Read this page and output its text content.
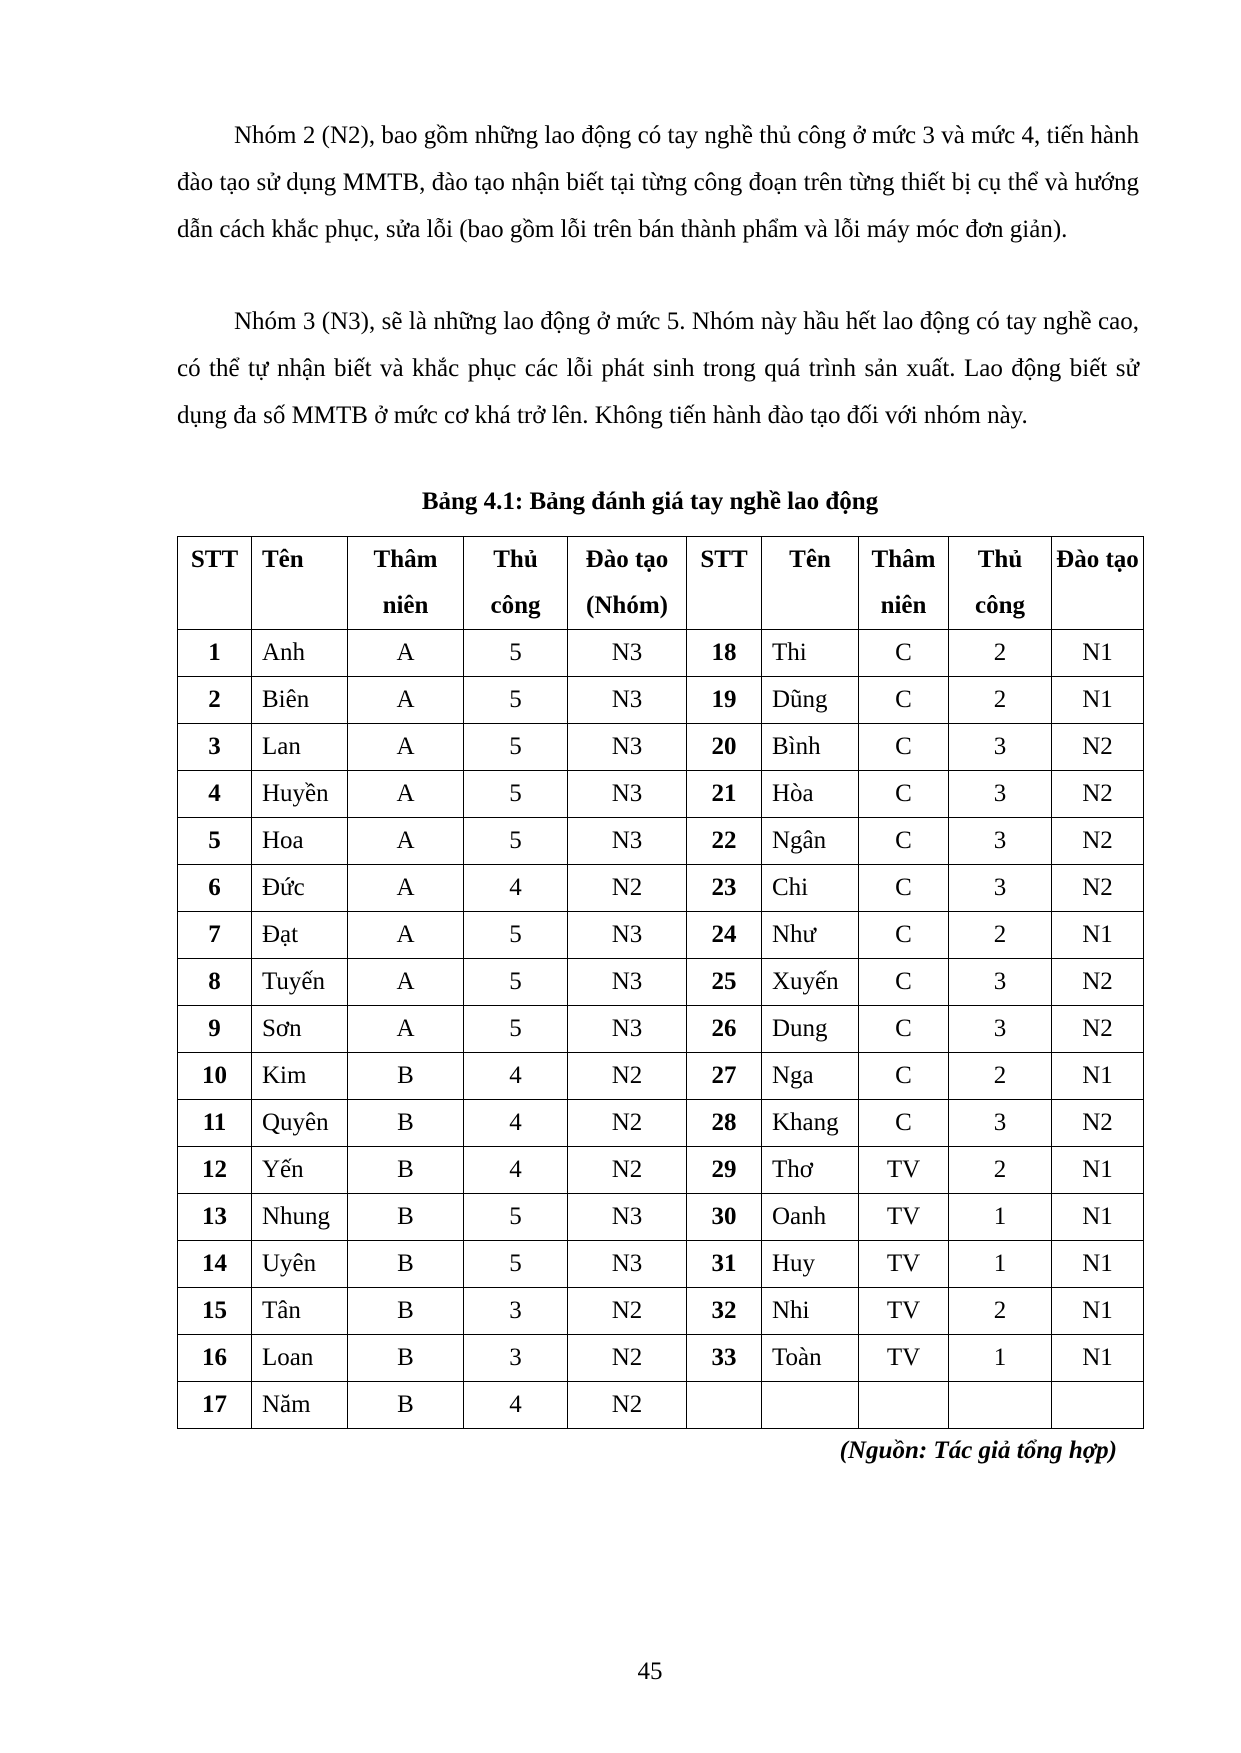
Nhóm 2 (N2), bao gồm những lao động có tay nghề thủ công ở mức 3 và mức 4, tiến hành đào tạo sử dụng MMTB, đào tạo nhận biết tại từng công đoạn trên từng thiết bị cụ thể và hướng dẫn cách khắc phục, sửa lỗi (bao gồm lỗi trên bán thành phẩm và lỗi máy móc đơn giản).

Nhóm 3 (N3), sẽ là những lao động ở mức 5. Nhóm này hầu hết lao động có tay nghề cao, có thể tự nhận biết và khắc phục các lỗi phát sinh trong quá trình sản xuất. Lao động biết sử dụng đa số MMTB ở mức cơ khá trở lên. Không tiến hành đào tạo đối với nhóm này.

Bảng 4.1: Bảng đánh giá tay nghề lao động

STT	Tên	Thâm niên	Thủ công	Đào tạo (Nhóm)	STT	Tên	Thâm niên	Thủ công	Đào tạo
1	Anh	A	5	N3	18	Thi	C	2	N1
2	Biên	A	5	N3	19	Dũng	C	2	N1
3	Lan	A	5	N3	20	Bình	C	3	N2
4	Huyền	A	5	N3	21	Hòa	C	3	N2
5	Hoa	A	5	N3	22	Ngân	C	3	N2
6	Đức	A	4	N2	23	Chi	C	3	N2
7	Đạt	A	5	N3	24	Như	C	2	N1
8	Tuyến	A	5	N3	25	Xuyến	C	3	N2
9	Sơn	A	5	N3	26	Dung	C	3	N2
10	Kim	B	4	N2	27	Nga	C	2	N1
11	Quyên	B	4	N2	28	Khang	C	3	N2
12	Yến	B	4	N2	29	Thơ	TV	2	N1
13	Nhung	B	5	N3	30	Oanh	TV	1	N1
14	Uyên	B	5	N3	31	Huy	TV	1	N1
15	Tân	B	3	N2	32	Nhi	TV	2	N1
16	Loan	B	3	N2	33	Toàn	TV	1	N1
17	Năm	B	4	N2					

(Nguồn: Tác giả tổng hợp)

45
